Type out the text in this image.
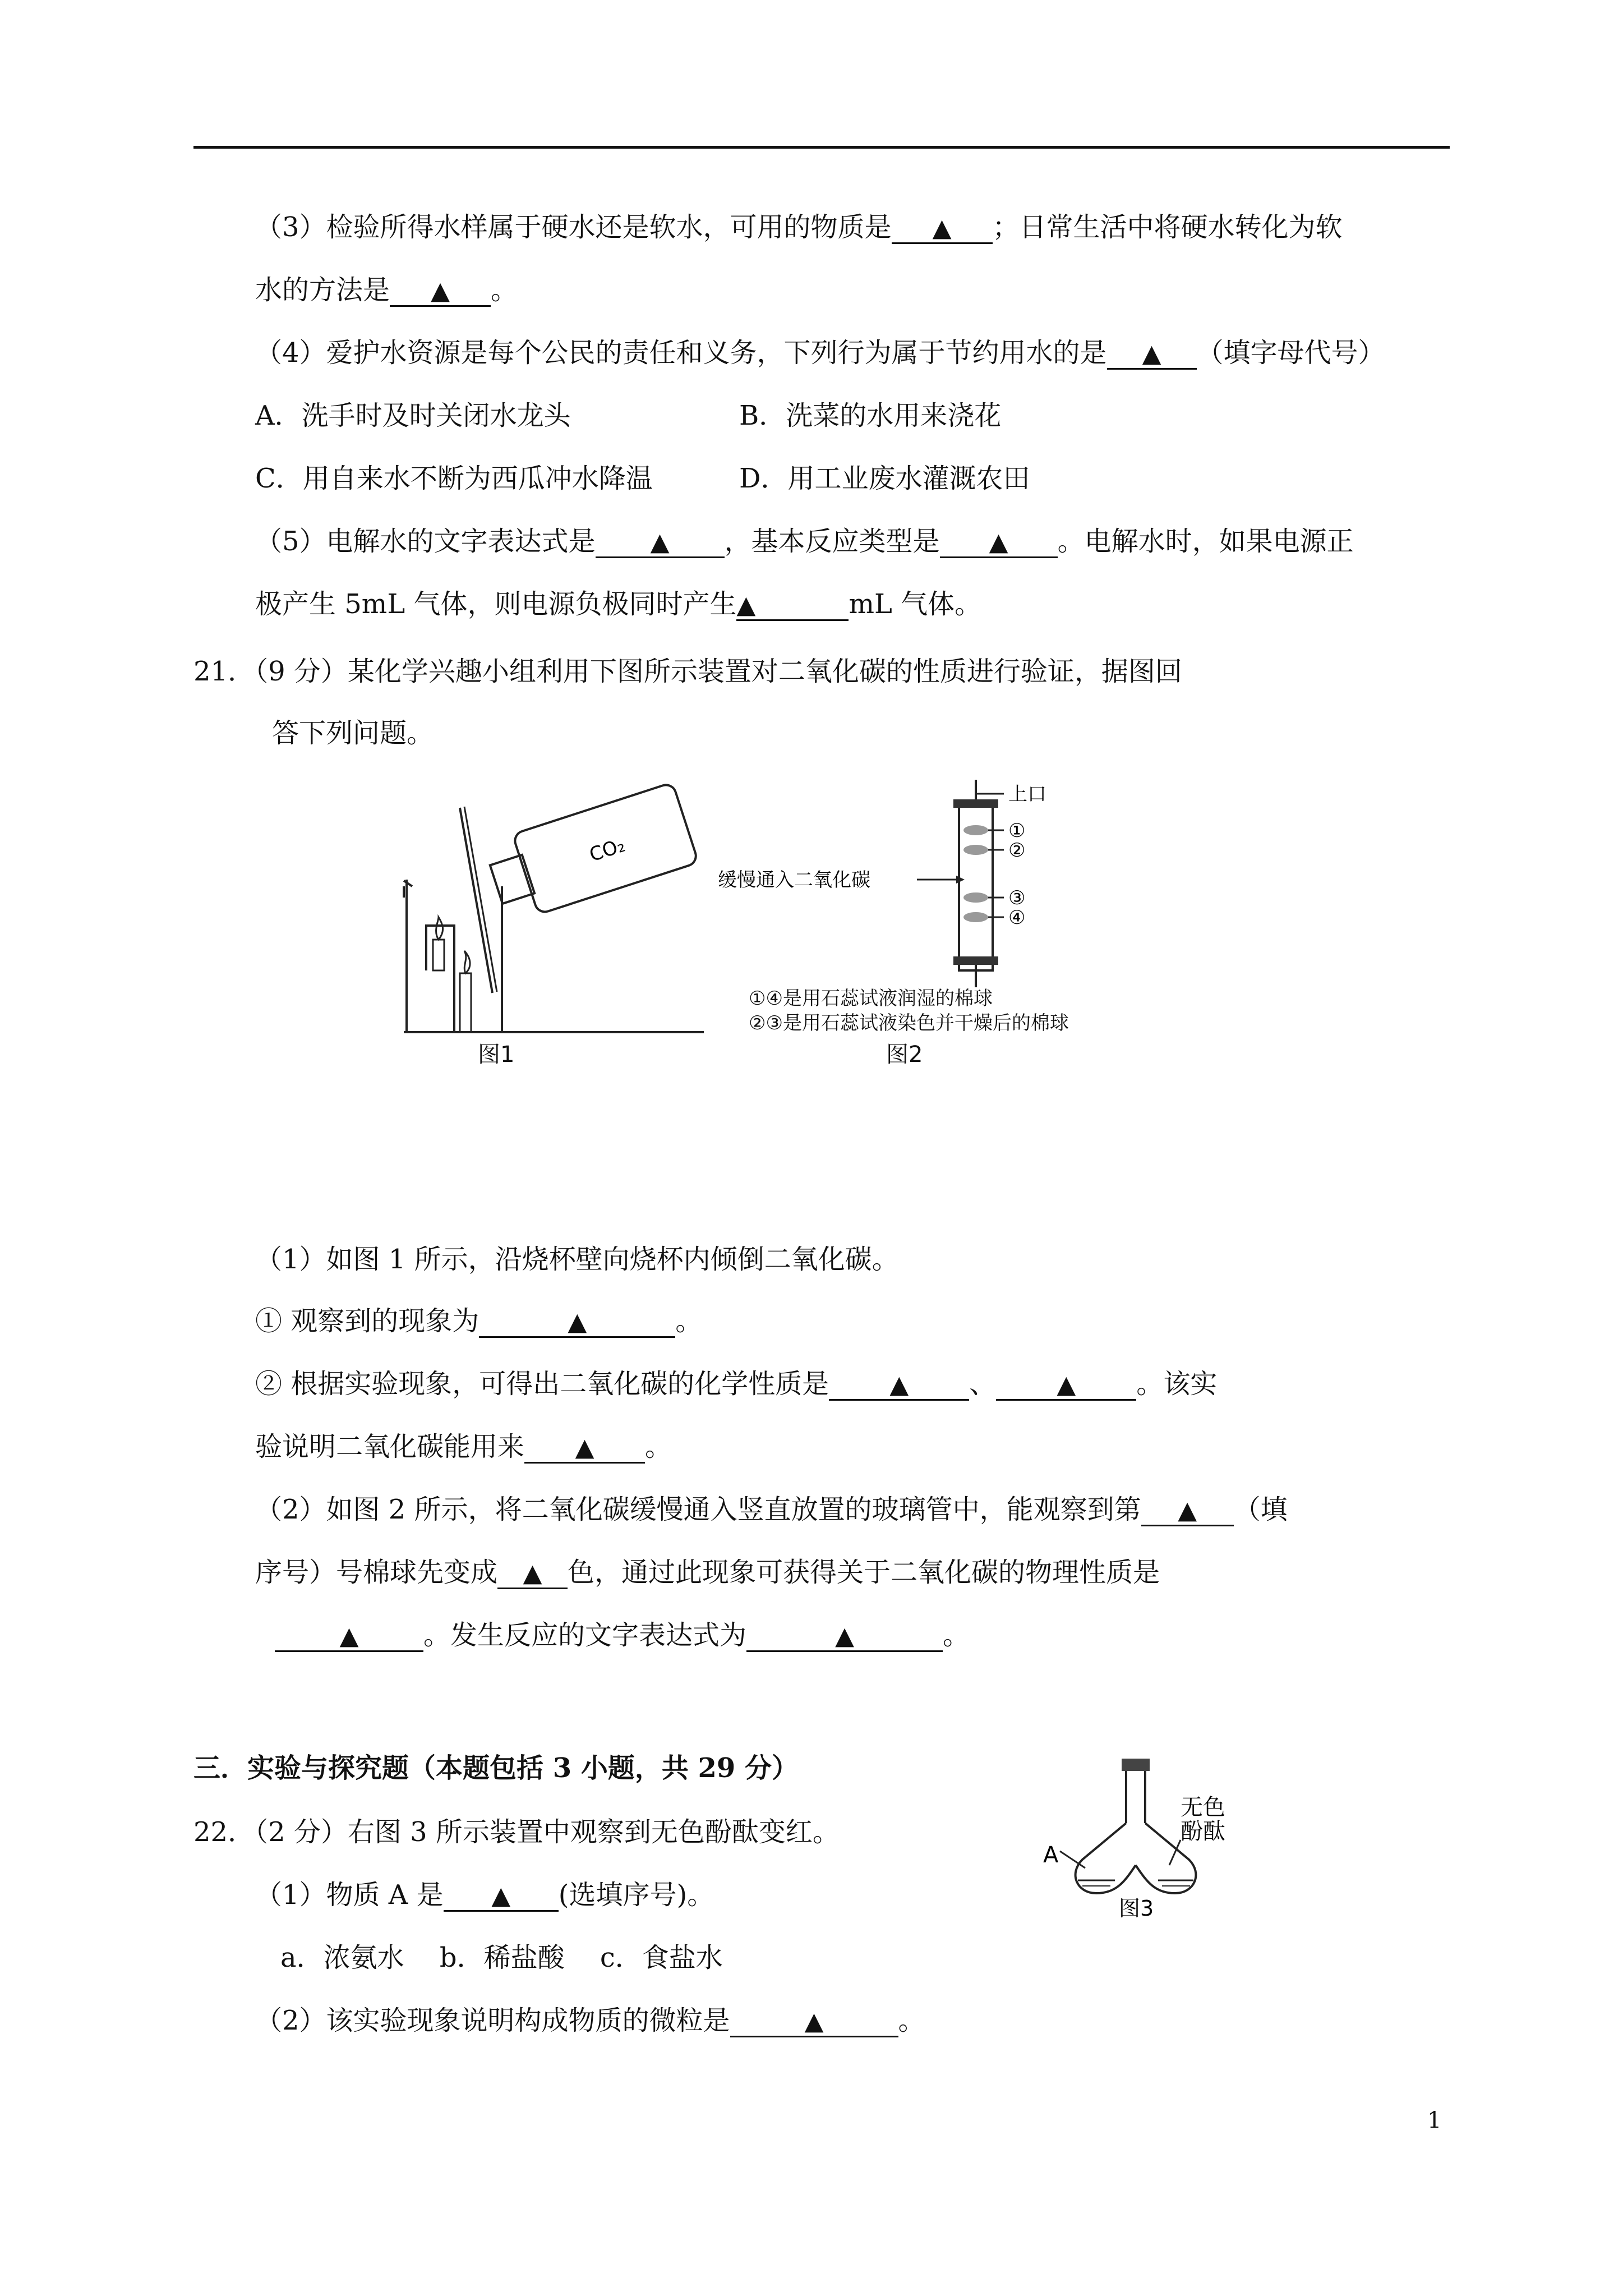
（3）检验所得水样属于硬水还是软水，可用的物质是 ▲ ；日常生活中将硬水转化为软
水的方法是 ▲ 。
（4）爱护水资源是每个公民的责任和义务，下列行为属于节约用水的是 ▲ （填字母代号）
A．洗手时及时关闭水龙头	B．洗菜的水用来浇花
C．用自来水不断为西瓜冲水降温	D．用工业废水灌溉农田
（5）电解水的文字表达式是 ▲ ，基本反应类型是 ▲ 。电解水时，如果电源正
极产生 5mL 气体，则电源负极同时产生▲	mL 气体。
21．（9 分）某化学兴趣小组利用下图所示装置对二氧化碳的性质进行验证，据图回
答下列问题。
CO₂
图1
上口
①
②
③
④
缓慢通入二氧化碳
①④是用石蕊试液润湿的棉球
②③是用石蕊试液染色并干燥后的棉球
图2
（1）如图 1 所示，沿烧杯壁向烧杯内倾倒二氧化碳。
① 观察到的现象为	▲	。
② 根据实验现象，可得出二氧化碳的化学性质是 ▲ 、 ▲ 。该实
验说明二氧化碳能用来 ▲ 。
（2）如图 2 所示，将二氧化碳缓慢通入竖直放置的玻璃管中，能观察到第 ▲ （填
序号）号棉球先变成 ▲ 色，通过此现象可获得关于二氧化碳的物理性质是
▲ 。发生反应的文字表达式为	▲	。
三．实验与探究题（本题包括 3 小题，共 29 分）
22．（2 分）右图 3 所示装置中观察到无色酚酞变红。
（1）物质 A 是 ▲ (选填序号)。
a．浓氨水　 b．稀盐酸　 c．食盐水
（2）该实验现象说明构成物质的微粒是	▲	。
A
无色
酚酞
图3
1
